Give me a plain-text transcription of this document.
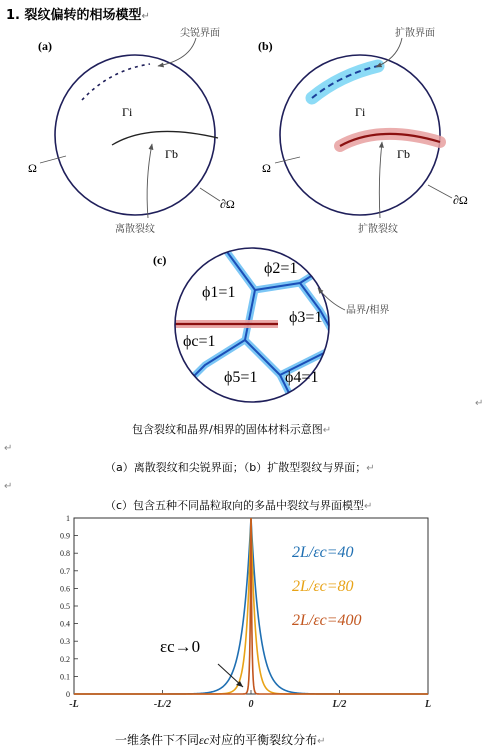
1. 裂纹偏转的相场模型↵
(a)
尖锐界面
Γi
Γb
Ω
∂Ω
离散裂纹
(b)
扩散界面
Γi
Γb
Ω
∂Ω
扩散裂纹
(c)
ϕ1=1
ϕ2=1
ϕ3=1
ϕ4=1
ϕ5=1
ϕc=1
晶界/相界
↵
包含裂纹和晶界/相界的固体材料示意图↵
↵
（a）离散裂纹和尖锐界面；（b）扩散型裂纹与界面；↵
↵
（c）包含五种不同晶粒取向的多晶中裂纹与界面模型↵
0
0.1
0.2
0.3
0.4
0.5
0.6
0.7
0.8
0.9
1
-L	-L/2	0	L/2	L
2L/εc=40
2L/εc=80
2L/εc=400
εc→0
一维条件下不同εc对应的平衡裂纹分布↵
